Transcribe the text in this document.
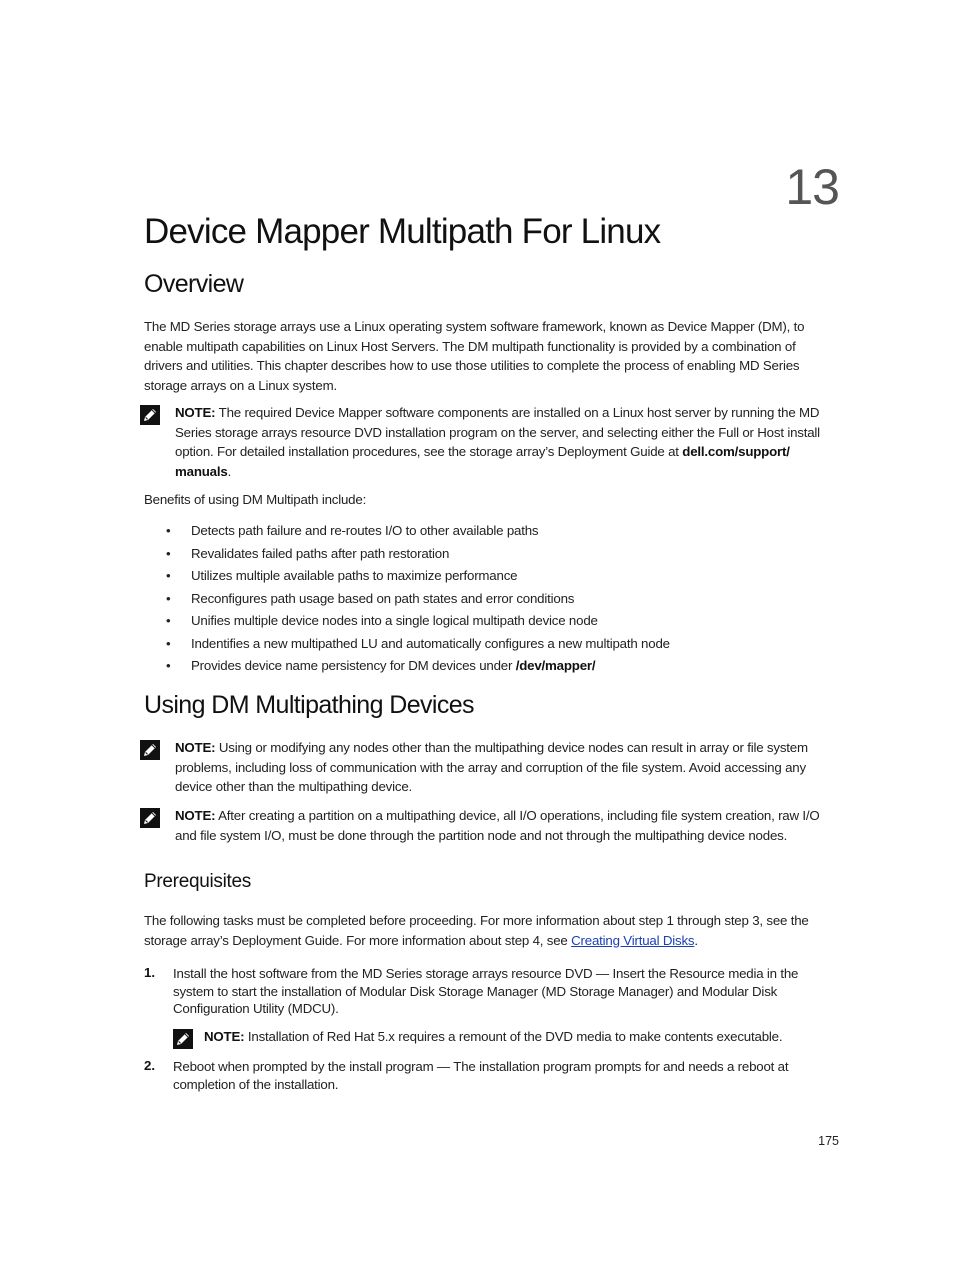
13
Device Mapper Multipath For Linux
Overview

The MD Series storage arrays use a Linux operating system software framework, known as Device Mapper (DM), to enable multipath capabilities on Linux Host Servers. The DM multipath functionality is provided by a combination of drivers and utilities. This chapter describes how to use those utilities to complete the process of enabling MD Series storage arrays on a Linux system.

NOTE: The required Device Mapper software components are installed on a Linux host server by running the MD Series storage arrays resource DVD installation program on the server, and selecting either the Full or Host install option. For detailed installation procedures, see the storage array’s Deployment Guide at dell.com/support/ manuals.

Benefits of using DM Multipath include:

• Detects path failure and re-routes I/O to other available paths
• Revalidates failed paths after path restoration
• Utilizes multiple available paths to maximize performance
• Reconfigures path usage based on path states and error conditions
• Unifies multiple device nodes into a single logical multipath device node
• Indentifies a new multipathed LU and automatically configures a new multipath node
• Provides device name persistency for DM devices under /dev/mapper/
Using DM Multipathing Devices
NOTE: Using or modifying any nodes other than the multipathing device nodes can result in array or file system problems, including loss of communication with the array and corruption of the file system. Avoid accessing any device other than the multipathing device.
NOTE: After creating a partition on a multipathing device, all I/O operations, including file system creation, raw I/O and file system I/O, must be done through the partition node and not through the multipathing device nodes.
Prerequisites

The following tasks must be completed before proceeding. For more information about step 1 through step 3, see the storage array’s Deployment Guide. For more information about step 4, see Creating Virtual Disks.

1. Install the host software from the MD Series storage arrays resource DVD — Insert the Resource media in the system to start the installation of Modular Disk Storage Manager (MD Storage Manager) and Modular Disk Configuration Utility (MDCU).
NOTE: Installation of Red Hat 5.x requires a remount of the DVD media to make contents executable.
2. Reboot when prompted by the install program — The installation program prompts for and needs a reboot at completion of the installation.
175
